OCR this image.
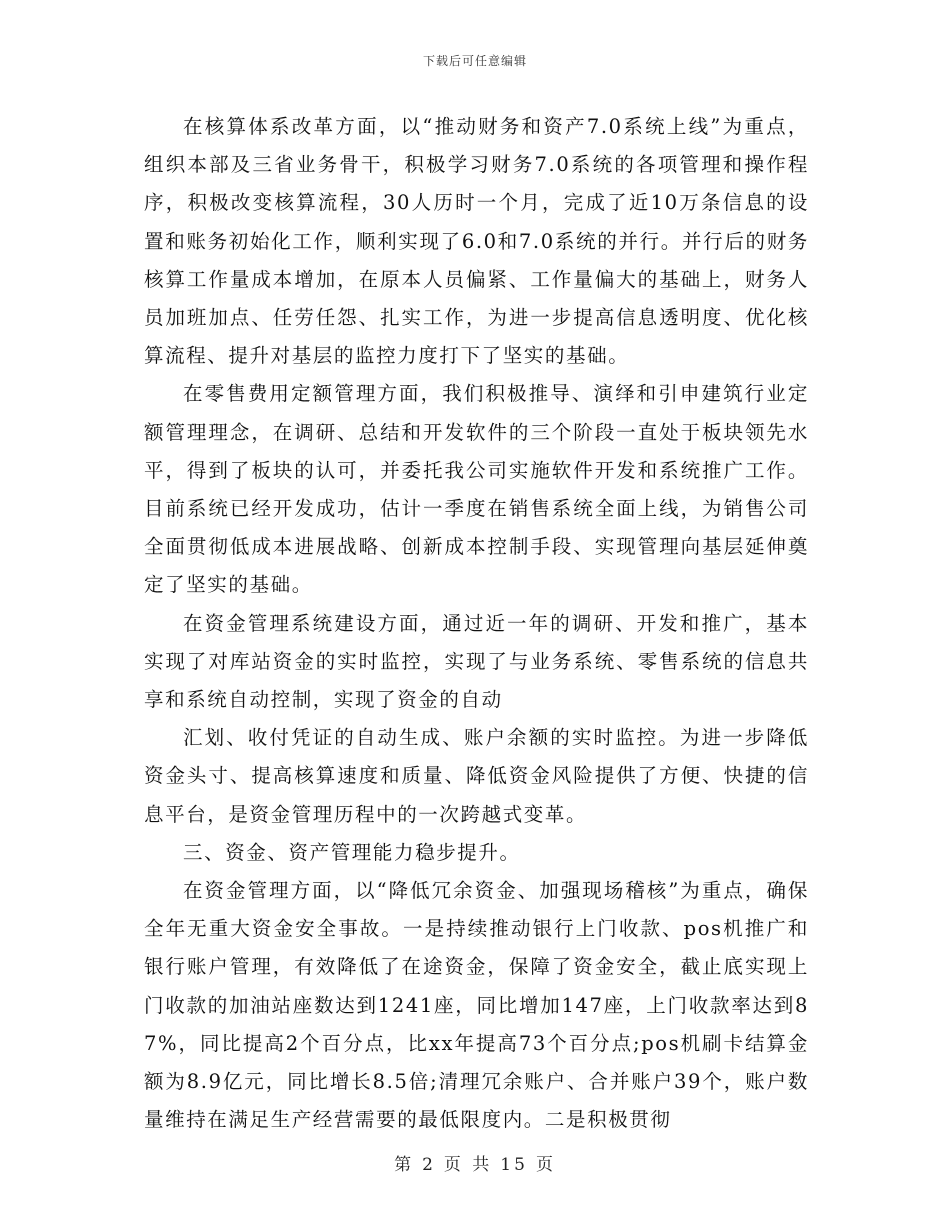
下载后可任意编辑

在核算体系改革方面，以“推动财务和资产7.0系统上线”为重点，组织本部及三省业务骨干，积极学习财务7.0系统的各项管理和操作程序，积极改变核算流程，30人历时一个月，完成了近10万条信息的设置和账务初始化工作，顺利实现了6.0和7.0系统的并行。并行后的财务核算工作量成本增加，在原本人员偏紧、工作量偏大的基础上，财务人员加班加点、任劳任怨、扎实工作，为进一步提高信息透明度、优化核算流程、提升对基层的监控力度打下了坚实的基础。

在零售费用定额管理方面，我们积极推导、演绎和引申建筑行业定额管理理念，在调研、总结和开发软件的三个阶段一直处于板块领先水平，得到了板块的认可，并委托我公司实施软件开发和系统推广工作。目前系统已经开发成功，估计一季度在销售系统全面上线，为销售公司全面贯彻低成本进展战略、创新成本控制手段、实现管理向基层延伸奠定了坚实的基础。

在资金管理系统建设方面，通过近一年的调研、开发和推广，基本实现了对库站资金的实时监控，实现了与业务系统、零售系统的信息共享和系统自动控制，实现了资金的自动

汇划、收付凭证的自动生成、账户余额的实时监控。为进一步降低资金头寸、提高核算速度和质量、降低资金风险提供了方便、快捷的信息平台，是资金管理历程中的一次跨越式变革。

三、资金、资产管理能力稳步提升。

在资金管理方面，以“降低冗余资金、加强现场稽核”为重点，确保全年无重大资金安全事故。一是持续推动银行上门收款、pos机推广和银行账户管理，有效降低了在途资金，保障了资金安全，截止底实现上门收款的加油站座数达到1241座，同比增加147座，上门收款率达到87%，同比提高2个百分点，比xx年提高73个百分点;pos机刷卡结算金额为8.9亿元，同比增长8.5倍;清理冗余账户、合并账户39个，账户数量维持在满足生产经营需要的最低限度内。二是积极贯彻

第 2 页 共 15 页
